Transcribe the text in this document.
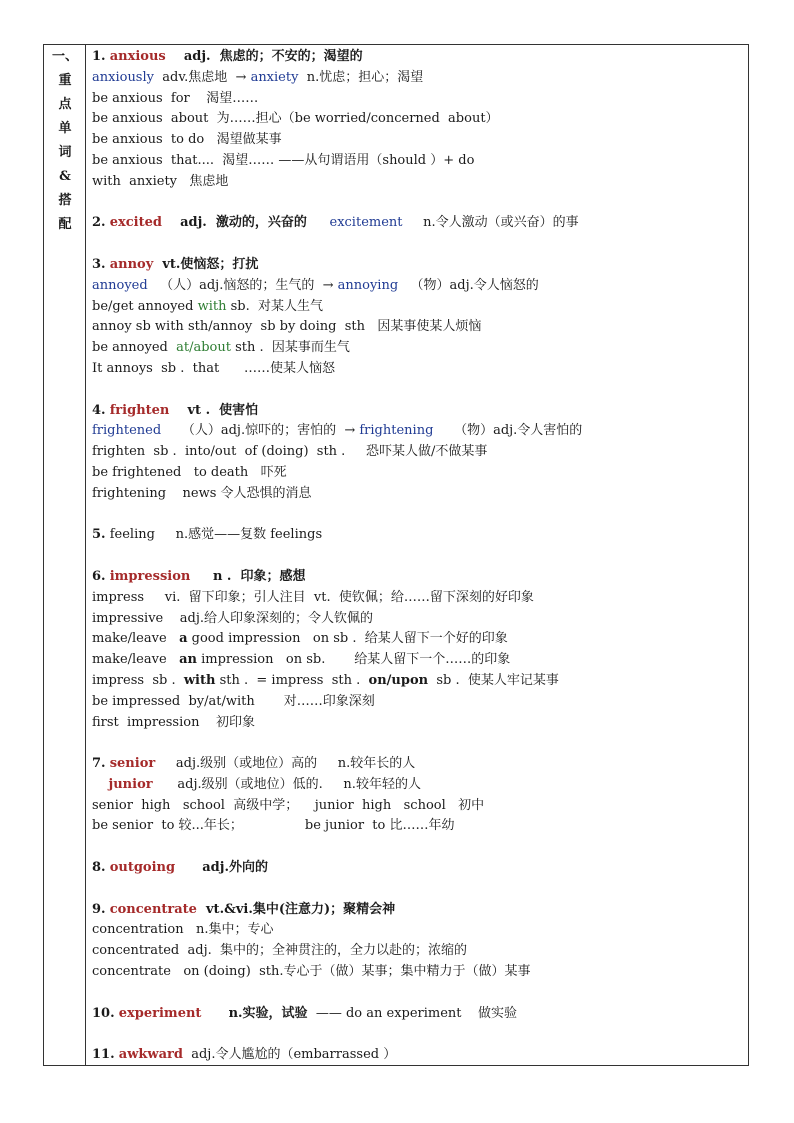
一、
重
点
单
词
&
搭
配
1. anxious    adj.  焦虑的；不安的；渴望的
anxiously  adv.焦虑地  → anxiety  n.忧虑；担心；渴望
be anxious  for    渴望……
be anxious  about  为……担心（be worried/concerned  about）
be anxious  to do   渴望做某事
be anxious  that....  渴望…… ——从句谓语用（should ）+ do
with  anxiety   焦虑地
2. excited    adj.  激动的，兴奋的     excitement     n.令人激动（或兴奋）的事
3. annoy  vt.使恼怒；打扰
annoyed   （人）adj.恼怒的；生气的  → annoying   （物）adj.令人恼怒的
be/get annoyed with sb.  对某人生气
annoy sb with sth/annoy  sb by doing  sth   因某事使某人烦恼
be annoyed  at/about sth .  因某事而生气
It annoys  sb .  that      ……使某人恼怒
4. frighten    vt .  使害怕
frightened     （人）adj.惊吓的；害怕的  → frightening     （物）adj.令人害怕的
frighten  sb .  into/out  of (doing)  sth .     恐吓某人做/不做某事
be frightened   to death   吓死
frightening    news 令人恐惧的消息
5. feeling     n.感觉——复数 feelings
6. impression     n .  印象；感想
impress     vi.  留下印象；引人注目  vt.  使钦佩；给……留下深刻的好印象
impressive    adj.给人印象深刻的；令人钦佩的
make/leave   a good impression   on sb .  给某人留下一个好的印象
make/leave   an impression   on sb.       给某人留下一个……的印象
impress  sb .  with sth .  = impress  sth .  on/upon  sb .  使某人牢记某事
be impressed  by/at/with       对……印象深刻
first  impression    初印象
7. senior     adj.级别（或地位）高的     n.较年长的人
junior      adj.级别（或地位）低的.     n.较年轻的人
senior  high   school  高级中学；    junior  high   school   初中
be senior  to 较...年长；               be junior  to 比……年幼
8. outgoing      adj.外向的
9. concentrate  vt.&vi.集中(注意力)；聚精会神
concentration   n.集中；专心
concentrated  adj.  集中的；全神贯注的，全力以赴的；浓缩的
concentrate   on (doing)  sth.专心于（做）某事；集中精力于（做）某事
10. experiment      n.实验，试验  —— do an experiment    做实验
11. awkward  adj.令人尴尬的（embarrassed ）
